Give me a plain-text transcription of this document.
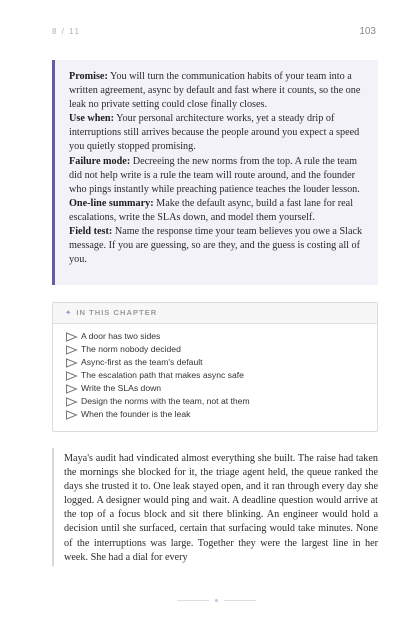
8 / 11	103

Promise: You will turn the communication habits of your team into a written agreement, async by default and fast where it counts, so the one leak no private setting could close finally closes.

Use when: Your personal architecture works, yet a steady drip of interruptions still arrives because the people around you expect a speed you quietly stopped promising.

Failure mode: Decreeing the new norms from the top. A rule the team did not help write is a rule the team will route around, and the founder who pings instantly while preaching patience teaches the louder lesson.

One-line summary: Make the default async, build a fast lane for real escalations, write the SLAs down, and model them yourself.

Field test: Name the response time your team believes you owe a Slack message. If you are guessing, so are they, and the guess is costing all of you.

✦ IN THIS CHAPTER
A door has two sides
The norm nobody decided
Async-first as the team's default
The escalation path that makes async safe
Write the SLAs down
Design the norms with the team, not at them
When the founder is the leak

Maya's audit had vindicated almost everything she built. The raise had taken the mornings she blocked for it, the triage agent held, the queue ranked the days she trusted it to. One leak stayed open, and it ran through every day she logged. A designer would ping and wait. A deadline question would arrive at the top of a focus block and sit there blinking. An engineer would hold a decision until she surfaced, certain that surfacing would take minutes. None of the interruptions was large. Together they were the largest line in her week. She had a dial for every
